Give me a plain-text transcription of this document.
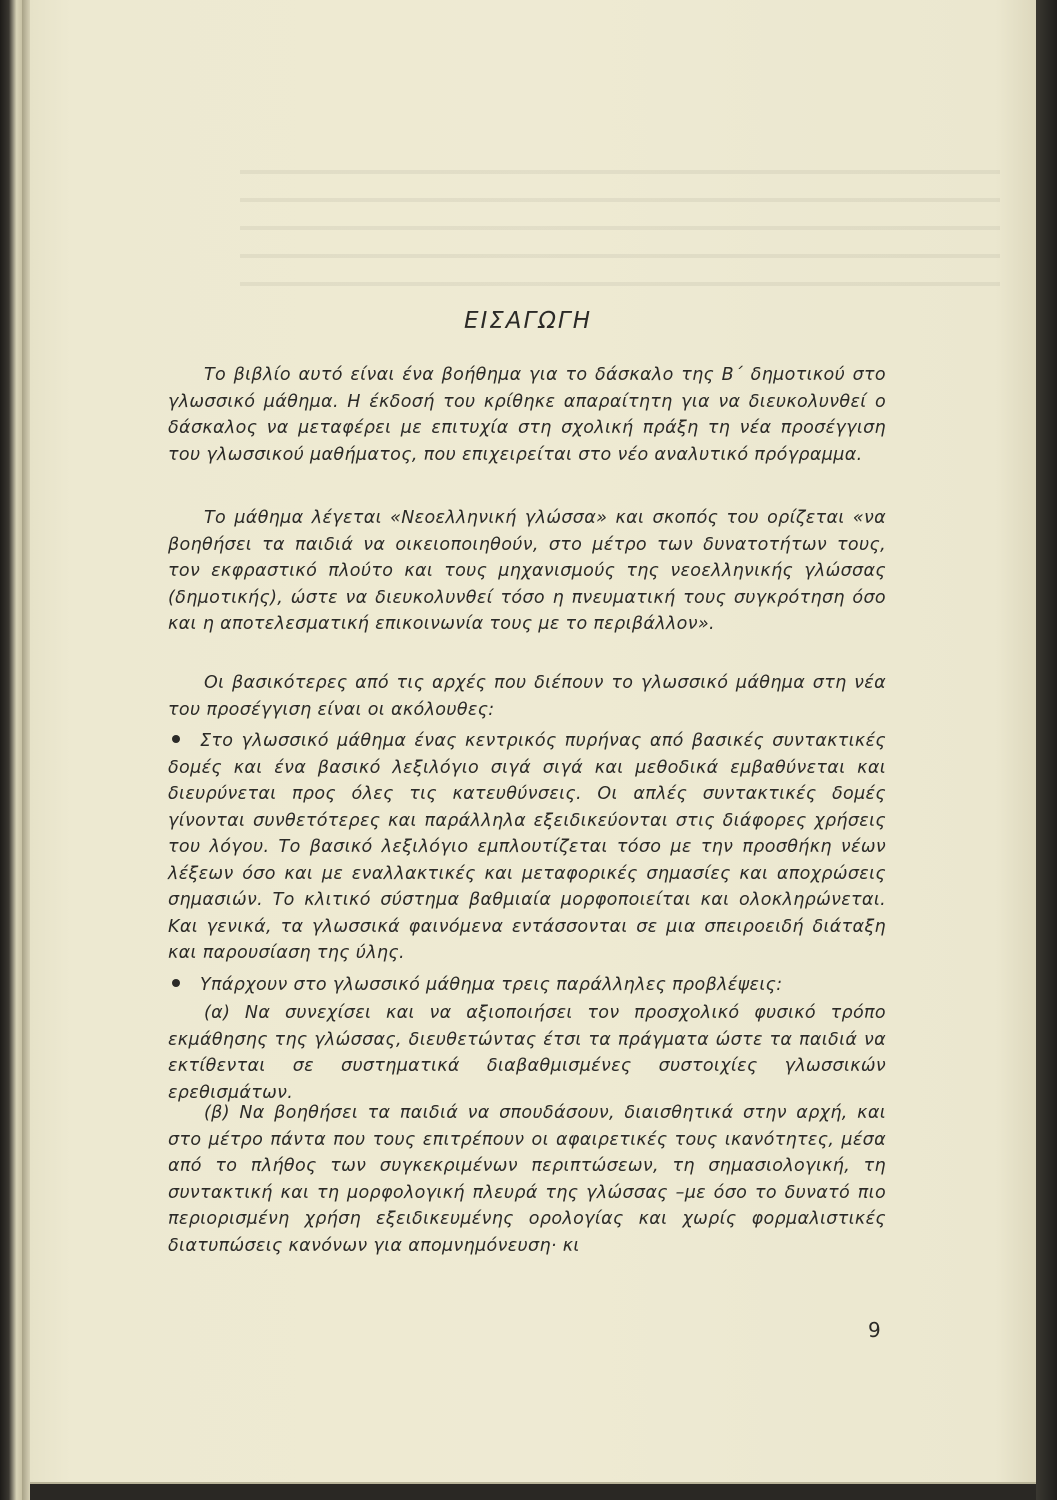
ΕΙΣΑΓΩΓΗ

Το βιβλίο αυτό είναι ένα βοήθημα για το δάσκαλο της Β΄ δημοτικού στο γλωσσικό μάθημα. Η έκδοσή του κρίθηκε απαραίτητη για να διευκολυνθεί ο δάσκαλος να μεταφέρει με επιτυχία στη σχολική πράξη τη νέα προσέγγιση του γλωσσικού μαθήματος, που επιχειρείται στο νέο αναλυτικό πρόγραμμα.

Το μάθημα λέγεται «Νεοελληνική γλώσσα» και σκοπός του ορίζεται «να βοηθήσει τα παιδιά να οικειοποιηθούν, στο μέτρο των δυνατοτήτων τους, τον εκφραστικό πλούτο και τους μηχανισμούς της νεοελληνικής γλώσσας (δημοτικής), ώστε να διευκολυνθεί τόσο η πνευματική τους συγκρότηση όσο και η αποτελεσματική επικοινωνία τους με το περιβάλλον».

Οι βασικότερες από τις αρχές που διέπουν το γλωσσικό μάθημα στη νέα του προσέγγιση είναι οι ακόλουθες:

Στο γλωσσικό μάθημα ένας κεντρικός πυρήνας από βασικές συντακτικές δομές και ένα βασικό λεξιλόγιο σιγά σιγά και μεθοδικά εμβαθύνεται και διευρύνεται προς όλες τις κατευθύνσεις. Οι απλές συντακτικές δομές γίνονται συνθετότερες και παράλληλα εξειδικεύονται στις διάφορες χρήσεις του λόγου. Το βασικό λεξιλόγιο εμπλουτίζεται τόσο με την προσθήκη νέων λέξεων όσο και με εναλλακτικές και μεταφορικές σημασίες και αποχρώσεις σημασιών. Το κλιτικό σύστημα βαθμιαία μορφοποιείται και ολοκληρώνεται. Και γενικά, τα γλωσσικά φαινόμενα εντάσσονται σε μια σπειροειδή διάταξη και παρουσίαση της ύλης.
Υπάρχουν στο γλωσσικό μάθημα τρεις παράλληλες προβλέψεις:

(α) Να συνεχίσει και να αξιοποιήσει τον προσχολικό φυσικό τρόπο εκμάθησης της γλώσσας, διευθετώντας έτσι τα πράγματα ώστε τα παιδιά να εκτίθενται σε συστηματικά διαβαθμισμένες συστοιχίες γλωσσικών ερεθισμάτων.

(β) Να βοηθήσει τα παιδιά να σπουδάσουν, διαισθητικά στην αρχή, και στο μέτρο πάντα που τους επιτρέπουν οι αφαιρετικές τους ικανότητες, μέσα από το πλήθος των συγκεκριμένων περιπτώσεων, τη σημασιολογική, τη συντακτική και τη μορφολογική πλευρά της γλώσσας –με όσο το δυνατό πιο περιορισμένη χρήση εξειδικευμένης ορολογίας και χωρίς φορμαλιστικές διατυπώσεις κανόνων για απομνημόνευση· κι

9
